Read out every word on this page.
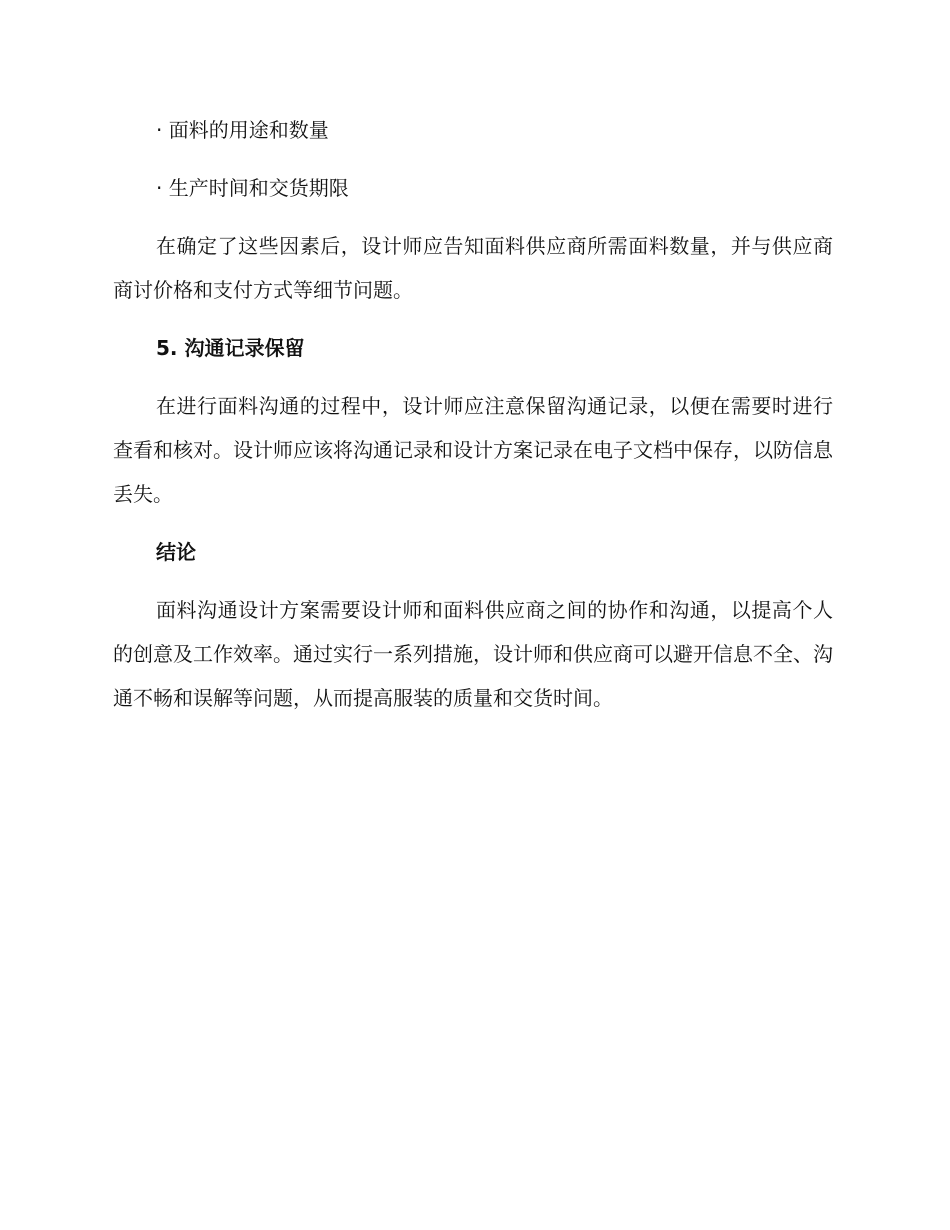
· 面料的用途和数量
· 生产时间和交货期限

在确定了这些因素后，设计师应告知面料供应商所需面料数量，并与供应商商讨价格和支付方式等细节问题。

5. 沟通记录保留

在进行面料沟通的过程中，设计师应注意保留沟通记录，以便在需要时进行查看和核对。设计师应该将沟通记录和设计方案记录在电子文档中保存，以防信息丢失。

结论

面料沟通设计方案需要设计师和面料供应商之间的协作和沟通，以提高个人的创意及工作效率。通过实行一系列措施，设计师和供应商可以避开信息不全、沟通不畅和误解等问题，从而提高服装的质量和交货时间。
